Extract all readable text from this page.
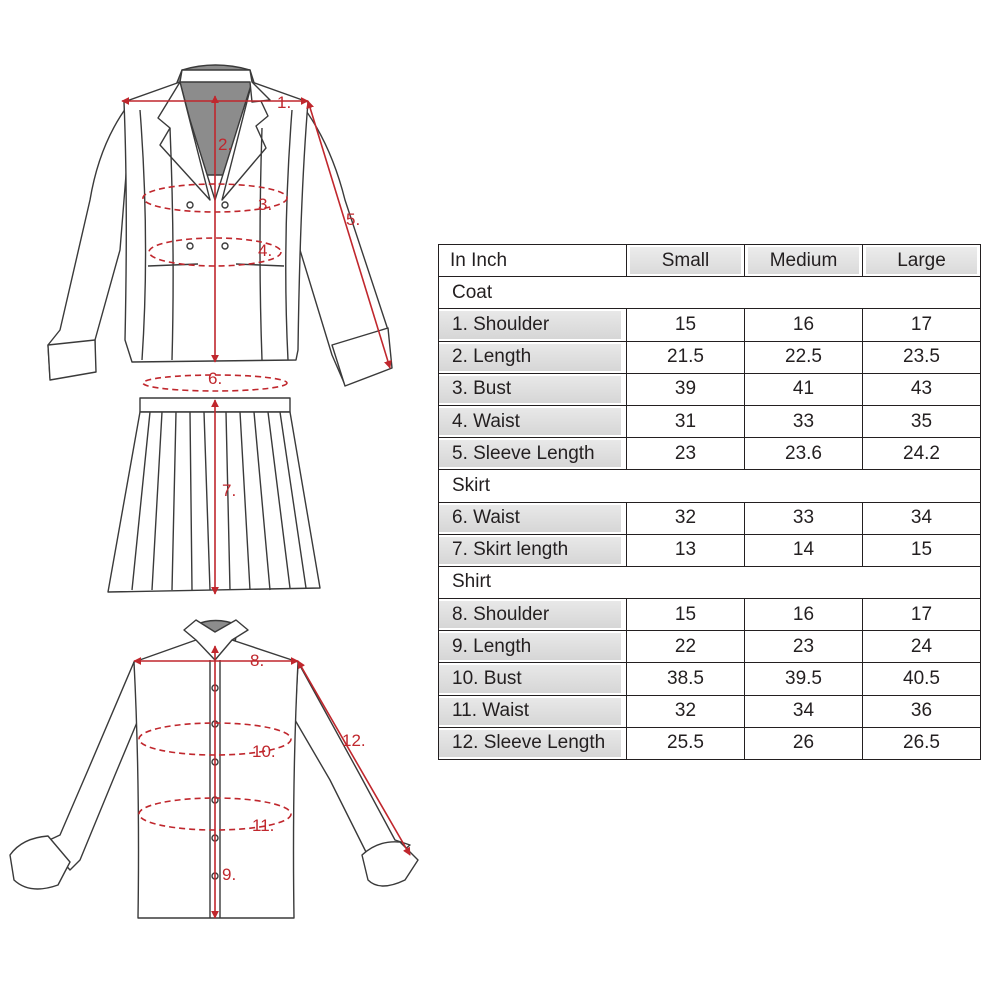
1.
2.
3.
4.
5.
6.
7.
8.
9.
10.
11.
12.
In Inch	Small	Medium	Large
Coat			

1. Shoulder	15	16	17

2. Length	21.5	22.5	23.5

3. Bust	39	41	43

4. Waist	31	33	35

5. Sleeve Length	23	23.6	24.2
Skirt			

6. Waist	32	33	34

7. Skirt length	13	14	15
Shirt			

8. Shoulder	15	16	17

9. Length	22	23	24

10. Bust	38.5	39.5	40.5

11. Waist	32	34	36

12. Sleeve Length	25.5	26	26.5
